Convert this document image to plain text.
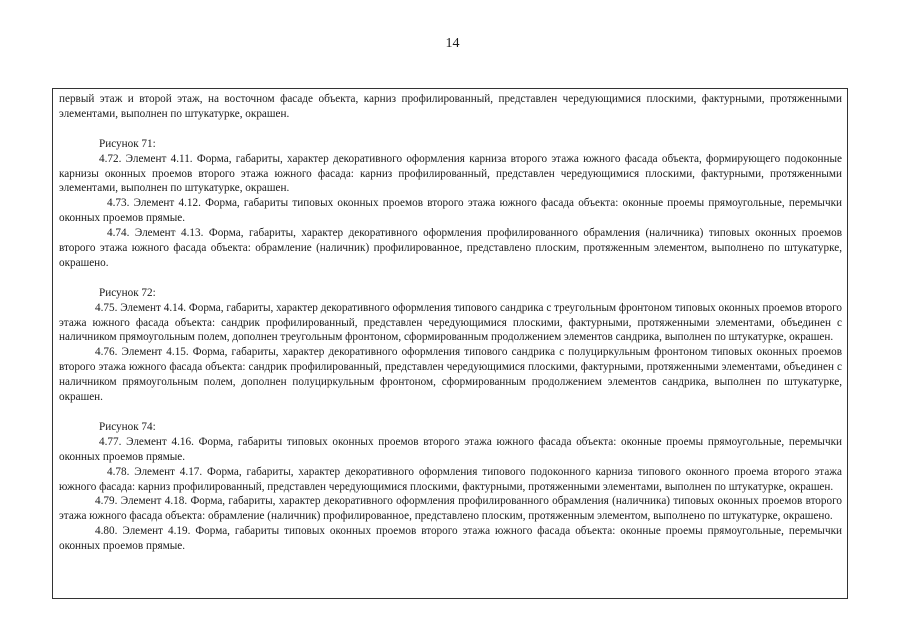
14

первый этаж и второй этаж, на восточном фасаде объекта, карниз профилированный, представлен чередующимися плоскими, фактурными, протяженными элементами, выполнен по штукатурке, окрашен.

Рисунок 71:

4.72. Элемент 4.11. Форма, габариты, характер декоративного оформления карниза второго этажа южного фасада объекта, формирующего подоконные карнизы оконных проемов второго этажа южного фасада: карниз профилированный, представлен чередующимися плоскими, фактурными, протяженными элементами, выполнен по штукатурке, окрашен.

4.73. Элемент 4.12. Форма, габариты типовых оконных проемов второго этажа южного фасада объекта: оконные проемы прямоугольные, перемычки оконных проемов прямые.

4.74. Элемент 4.13. Форма, габариты, характер декоративного оформления профилированного обрамления (наличника) типовых оконных проемов второго этажа южного фасада объекта: обрамление (наличник) профилированное, представлено плоским, протяженным элементом, выполнено по штукатурке, окрашено.

Рисунок 72:

4.75. Элемент 4.14. Форма, габариты, характер декоративного оформления типового сандрика с треугольным фронтоном типовых оконных проемов второго этажа южного фасада объекта: сандрик профилированный, представлен чередующимися плоскими, фактурными, протяженными элементами, объединен с наличником прямоугольным полем, дополнен треугольным фронтоном, сформированным продолжением элементов сандрика, выполнен по штукатурке, окрашен.

4.76. Элемент 4.15. Форма, габариты, характер декоративного оформления типового сандрика с полуциркульным фронтоном типовых оконных проемов второго этажа южного фасада объекта: сандрик профилированный, представлен чередующимися плоскими, фактурными, протяженными элементами, объединен с наличником прямоугольным полем, дополнен полуциркульным фронтоном, сформированным продолжением элементов сандрика, выполнен по штукатурке, окрашен.

Рисунок 74:

4.77. Элемент 4.16. Форма, габариты типовых оконных проемов второго этажа южного фасада объекта: оконные проемы прямоугольные, перемычки оконных проемов прямые.

4.78. Элемент 4.17. Форма, габариты, характер декоративного оформления типового подоконного карниза типового оконного проема второго этажа южного фасада: карниз профилированный, представлен чередующимися плоскими, фактурными, протяженными элементами, выполнен по штукатурке, окрашен.

4.79. Элемент 4.18. Форма, габариты, характер декоративного оформления профилированного обрамления (наличника) типовых оконных проемов второго этажа южного фасада объекта: обрамление (наличник) профилированное, представлено плоским, протяженным элементом, выполнено по штукатурке, окрашено.

4.80. Элемент 4.19. Форма, габариты типовых оконных проемов второго этажа южного фасада объекта: оконные проемы прямоугольные, перемычки оконных проемов прямые.
